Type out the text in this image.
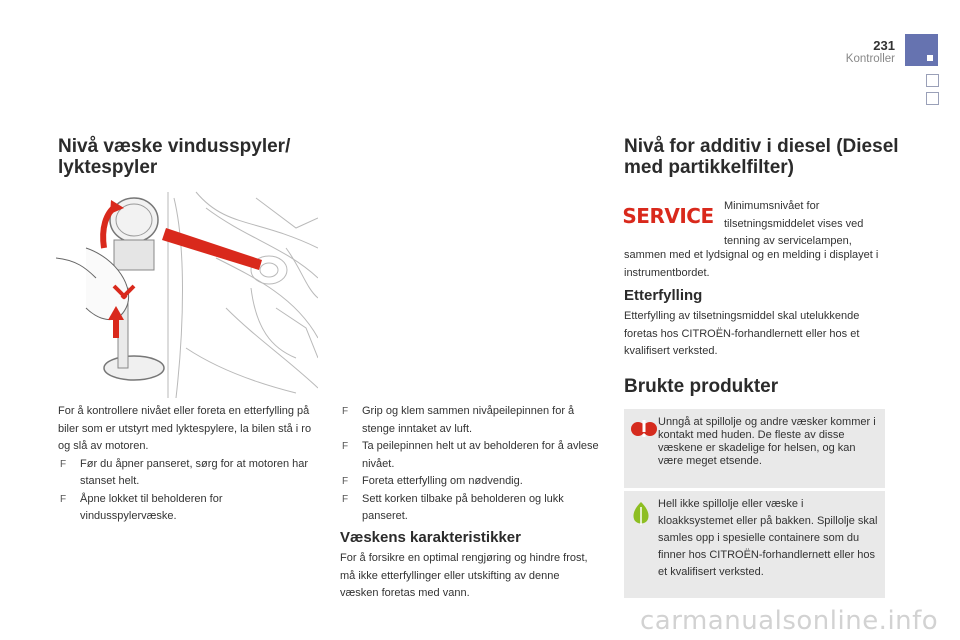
231
Kontroller
Nivå væske vindusspyler/ lyktespyler
For å kontrollere nivået eller foreta en etterfylling på biler som er utstyrt med lyktespylere, la bilen stå i ro og slå av motoren.
F Før du åpner panseret, sørg for at motoren har stanset helt.
F Åpne lokket til beholderen for vindusspylervæske.
F Grip og klem sammen nivåpeilepinnen for å stenge inntaket av luft.
F Ta peilepinnen helt ut av beholderen for å avlese nivået.
F Foreta etterfylling om nødvendig.
F Sett korken tilbake på beholderen og lukk panseret.
Væskens karakteristikker
For å forsikre en optimal rengjøring og hindre frost, må ikke etterfyllinger eller utskifting av denne væsken foretas med vann.
Nivå for additiv i diesel (Diesel med partikkelfilter)
SERVICE Minimumsnivået for tilsetningsmiddelet vises ved tenning av servicelampen,
sammen med et lydsignal og en melding i displayet i instrumentbordet.
Etterfylling
Etterfylling av tilsetningsmiddel skal utelukkende foretas hos CITROËN-forhandlernett eller hos et kvalifisert verksted.
Brukte produkter
Unngå at spillolje og andre væsker kommer i kontakt med huden. De fleste av disse væskene er skadelige for helsen, og kan være meget etsende.
Hell ikke spillolje eller væske i kloakksystemet eller på bakken. Spillolje skal samles opp i spesielle containere som du finner hos CITROËN-forhandlernett eller hos et kvalifisert verksted.
carmanualsonline.info
